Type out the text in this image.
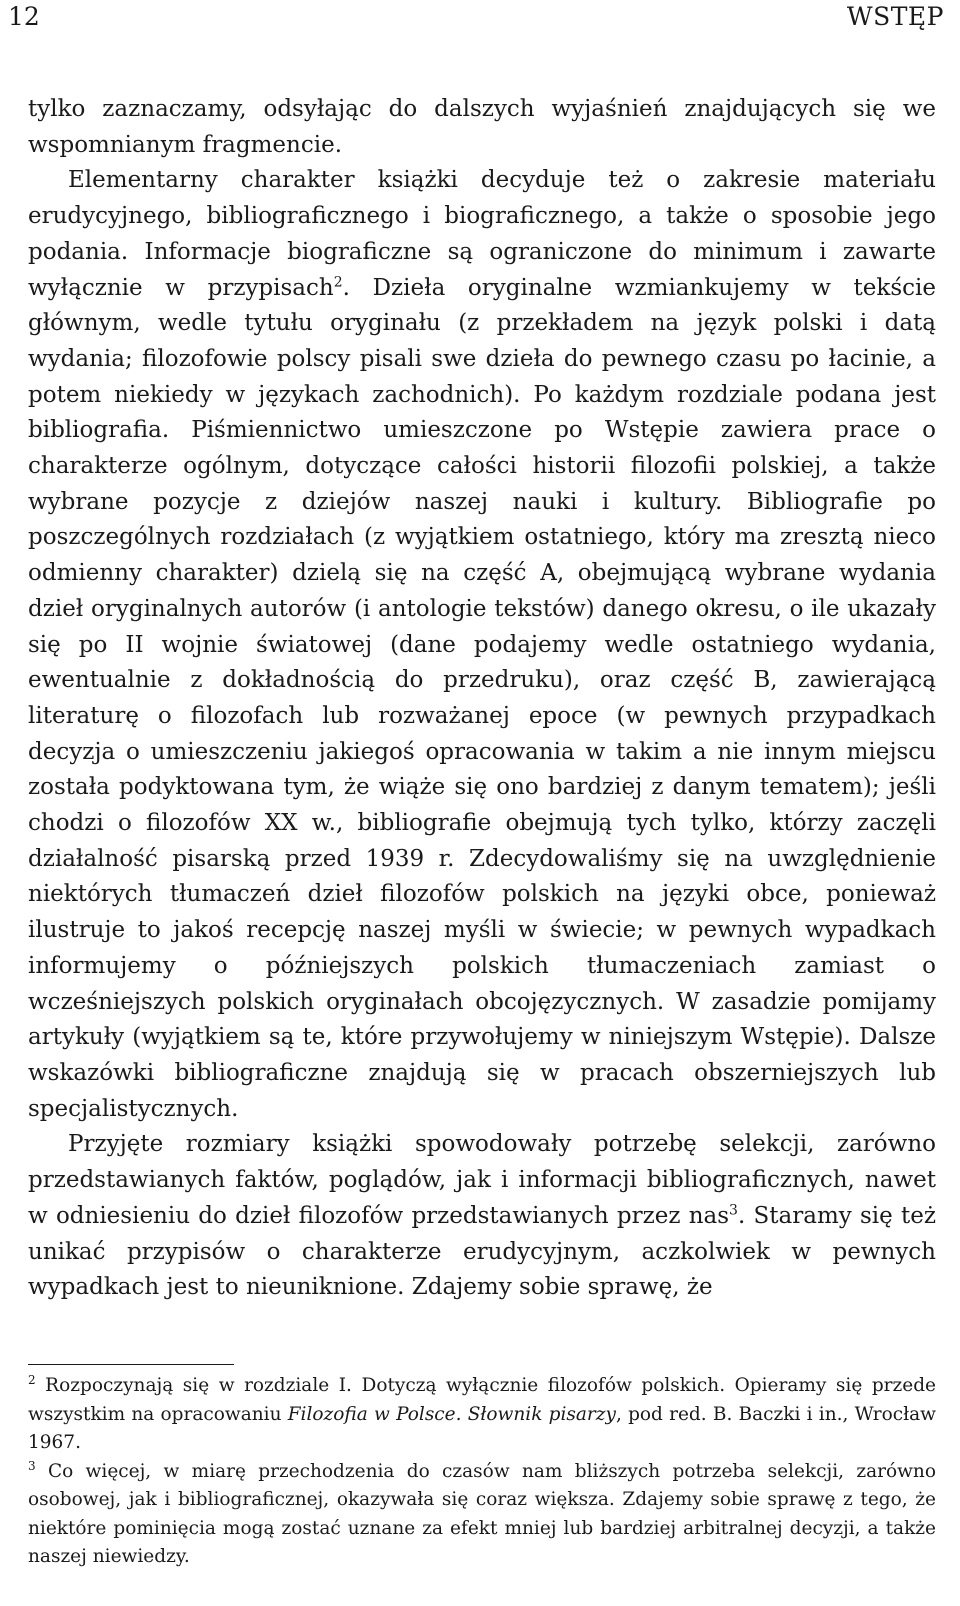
12	WSTĘP

tylko zaznaczamy, odsyłając do dalszych wyjaśnień znajdujących się we wspomnianym fragmencie.

Elementarny charakter książki decyduje też o zakresie materiału erudycyjnego, bibliograficznego i biograficznego, a także o sposobie jego podania. Informacje biograficzne są ograniczone do minimum i zawarte wyłącznie w przypisach$^2$. Dzieła oryginalne wzmiankujemy w tekście głównym, wedle tytułu oryginału (z przekładem na język polski i datą wydania; filozofowie polscy pisali swe dzieła do pewnego czasu po łacinie, a potem niekiedy w językach zachodnich). Po każdym rozdziale podana jest bibliografia. Piśmiennictwo umieszczone po Wstępie zawiera prace o charakterze ogólnym, dotyczące całości historii filozofii polskiej, a także wybrane pozycje z dziejów naszej nauki i kultury. Bibliografie po poszczególnych rozdziałach (z wyjątkiem ostatniego, który ma zresztą nieco odmienny charakter) dzielą się na część A, obejmującą wybrane wydania dzieł oryginalnych autorów (i antologie tekstów) danego okresu, o ile ukazały się po II wojnie światowej (dane podajemy wedle ostatniego wydania, ewentualnie z dokładnością do przedruku), oraz część B, zawierającą literaturę o filozofach lub rozważanej epoce (w pewnych przypadkach decyzja o umieszczeniu jakiegoś opracowania w takim a nie innym miejscu została podyktowana tym, że wiąże się ono bardziej z danym tematem); jeśli chodzi o filozofów XX w., bibliografie obejmują tych tylko, którzy zaczęli działalność pisarską przed 1939 r. Zdecydowaliśmy się na uwzględnienie niektórych tłumaczeń dzieł filozofów polskich na języki obce, ponieważ ilustruje to jakoś recepcję naszej myśli w świecie; w pewnych wypadkach informujemy o późniejszych polskich tłumaczeniach zamiast o wcześniejszych polskich oryginałach obcojęzycznych. W zasadzie pomijamy artykuły (wyjątkiem są te, które przywołujemy w niniejszym Wstępie). Dalsze wskazówki bibliograficzne znajdują się w pracach obszerniejszych lub specjalistycznych.

Przyjęte rozmiary książki spowodowały potrzebę selekcji, zarówno przedstawianych faktów, poglądów, jak i informacji bibliograficznych, nawet w odniesieniu do dzieł filozofów przedstawianych przez nas$^3$. Staramy się też unikać przypisów o charakterze erudycyjnym, aczkolwiek w pewnych wypadkach jest to nieuniknione. Zdajemy sobie sprawę, że

$^2$ Rozpoczynają się w rozdziale I. Dotyczą wyłącznie filozofów polskich. Opieramy się przede wszystkim na opracowaniu Filozofia w Polsce. Słownik pisarzy, pod red. B. Baczki i in., Wrocław 1967.

$^3$ Co więcej, w miarę przechodzenia do czasów nam bliższych potrzeba selekcji, zarówno osobowej, jak i bibliograficznej, okazywała się coraz większa. Zdajemy sobie sprawę z tego, że niektóre pominięcia mogą zostać uznane za efekt mniej lub bardziej arbitralnej decyzji, a także naszej niewiedzy.
